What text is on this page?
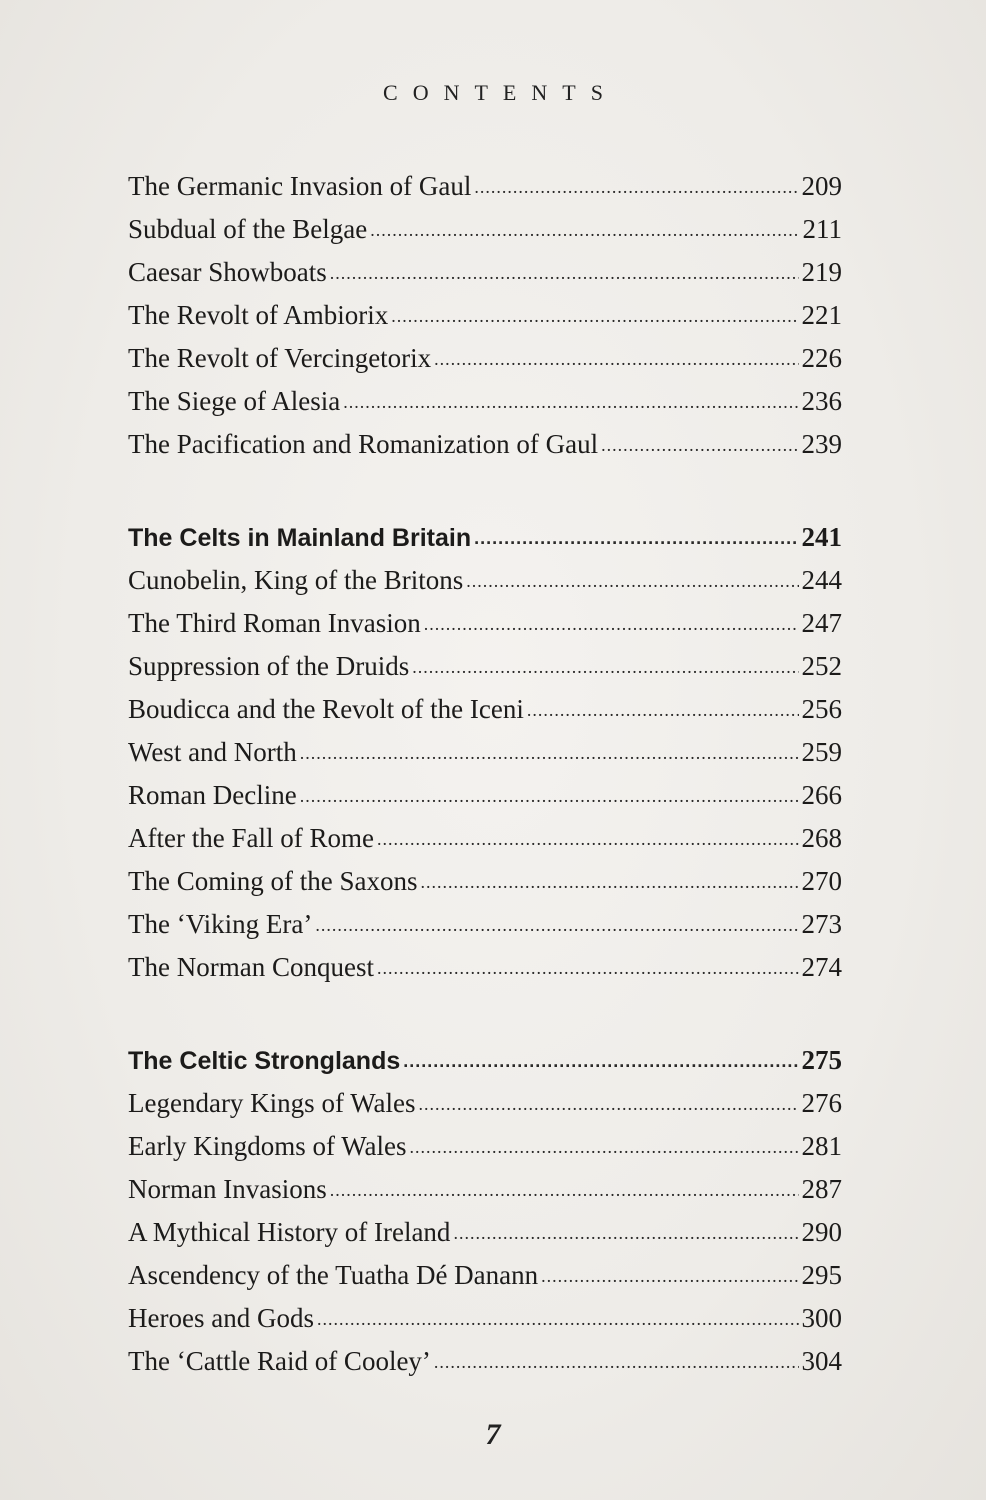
CONTENTS
The Germanic Invasion of Gaul .....	209
Subdual of the Belgae .....	211
Caesar Showboats .....	219
The Revolt of Ambiorix .....	221
The Revolt of Vercingetorix .....	226
The Siege of Alesia .....	236
The Pacification and Romanization of Gaul .....	239
The Celts in Mainland Britain .....	241
Cunobelin, King of the Britons .....	244
The Third Roman Invasion .....	247
Suppression of the Druids .....	252
Boudicca and the Revolt of the Iceni .....	256
West and North .....	259
Roman Decline .....	266
After the Fall of Rome .....	268
The Coming of the Saxons .....	270
The ‘Viking Era’ .....	273
The Norman Conquest .....	274
The Celtic Stronglands .....	275
Legendary Kings of Wales .....	276
Early Kingdoms of Wales .....	281
Norman Invasions .....	287
A Mythical History of Ireland .....	290
Ascendency of the Tuatha Dé Danann .....	295
Heroes and Gods .....	300
The ‘Cattle Raid of Cooley’ .....	304
7
